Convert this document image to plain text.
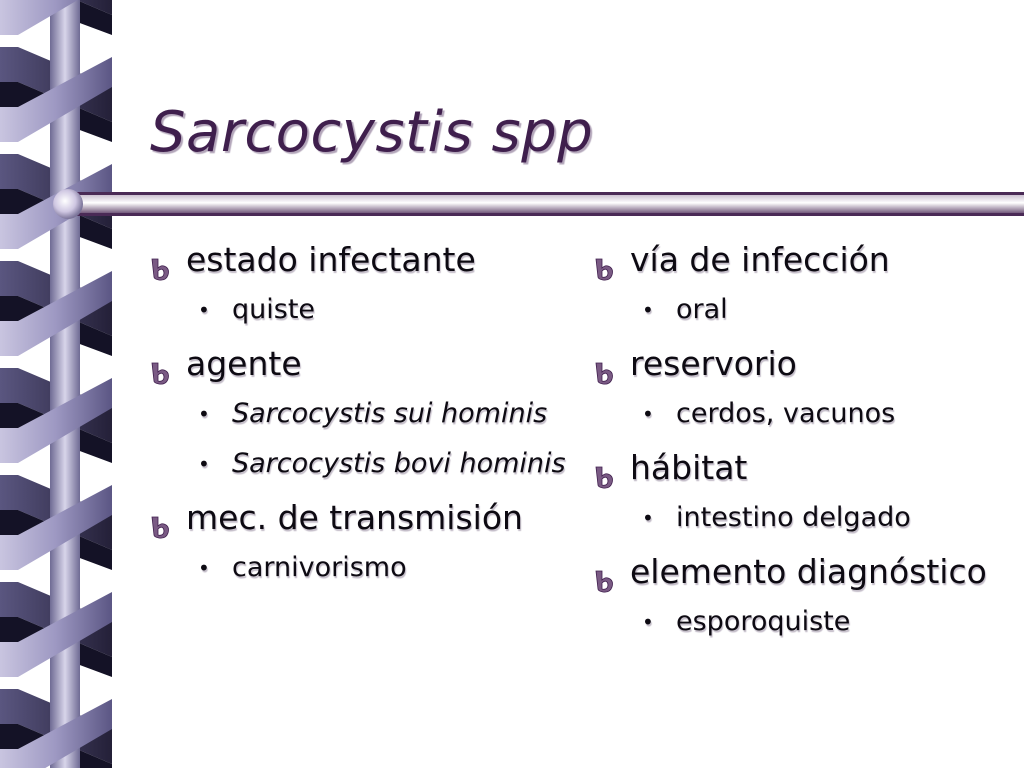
Sarcocystis spp
estado infectante
• quiste
agente
• Sarcocystis sui hominis
• Sarcocystis bovi hominis
mec. de transmisión
• carnivorismo
vía de infección
• oral
reservorio
• cerdos, vacunos
hábitat
• intestino delgado
elemento diagnóstico
• esporoquiste
